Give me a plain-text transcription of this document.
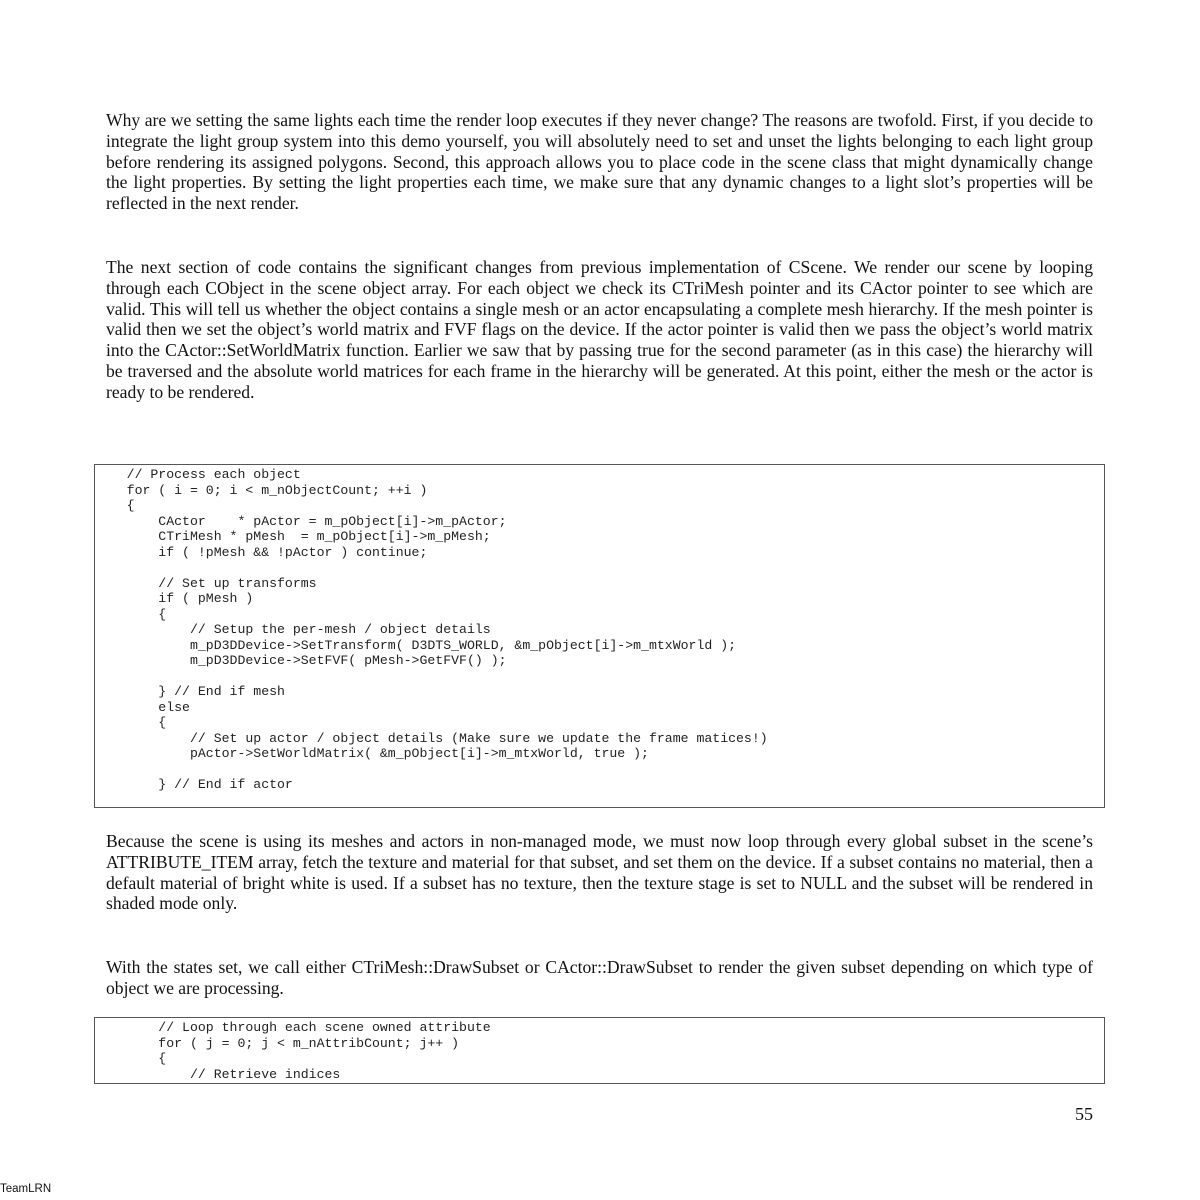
Why are we setting the same lights each time the render loop executes if they never change? The reasons are twofold. First, if you decide to integrate the light group system into this demo yourself, you will absolutely need to set and unset the lights belonging to each light group before rendering its assigned polygons. Second, this approach allows you to place code in the scene class that might dynamically change the light properties. By setting the light properties each time, we make sure that any dynamic changes to a light slot’s properties will be reflected in the next render.

The next section of code contains the significant changes from previous implementation of CScene. We render our scene by looping through each CObject in the scene object array. For each object we check its CTriMesh pointer and its CActor pointer to see which are valid. This will tell us whether the object contains a single mesh or an actor encapsulating a complete mesh hierarchy. If the mesh pointer is valid then we set the object’s world matrix and FVF flags on the device. If the actor pointer is valid then we pass the object’s world matrix into the CActor::SetWorldMatrix function. Earlier we saw that by passing true for the second parameter (as in this case) the hierarchy will be traversed and the absolute world matrices for each frame in the hierarchy will be generated. At this point, either the mesh or the actor is ready to be rendered.

// Process each object
for ( i = 0; i < m_nObjectCount; ++i )
{
CActor    * pActor = m_pObject[i]->m_pActor;
CTriMesh * pMesh  = m_pObject[i]->m_pMesh;
if ( !pMesh && !pActor ) continue;
// Set up transforms
if ( pMesh )
{
// Setup the per-mesh / object details
m_pD3DDevice->SetTransform( D3DTS_WORLD, &m_pObject[i]->m_mtxWorld );
m_pD3DDevice->SetFVF( pMesh->GetFVF() );
} // End if mesh
else
{
// Set up actor / object details (Make sure we update the frame matices!)
pActor->SetWorldMatrix( &m_pObject[i]->m_mtxWorld, true );
} // End if actor

Because the scene is using its meshes and actors in non-managed mode, we must now loop through every global subset in the scene’s ATTRIBUTE_ITEM array, fetch the texture and material for that subset, and set them on the device. If a subset contains no material, then a default material of bright white is used. If a subset has no texture, then the texture stage is set to NULL and the subset will be rendered in shaded mode only.

With the states set, we call either CTriMesh::DrawSubset or CActor::DrawSubset to render the given subset depending on which type of object we are processing.

// Loop through each scene owned attribute
for ( j = 0; j < m_nAttribCount; j++ )
{
// Retrieve indices
55
TeamLRN
